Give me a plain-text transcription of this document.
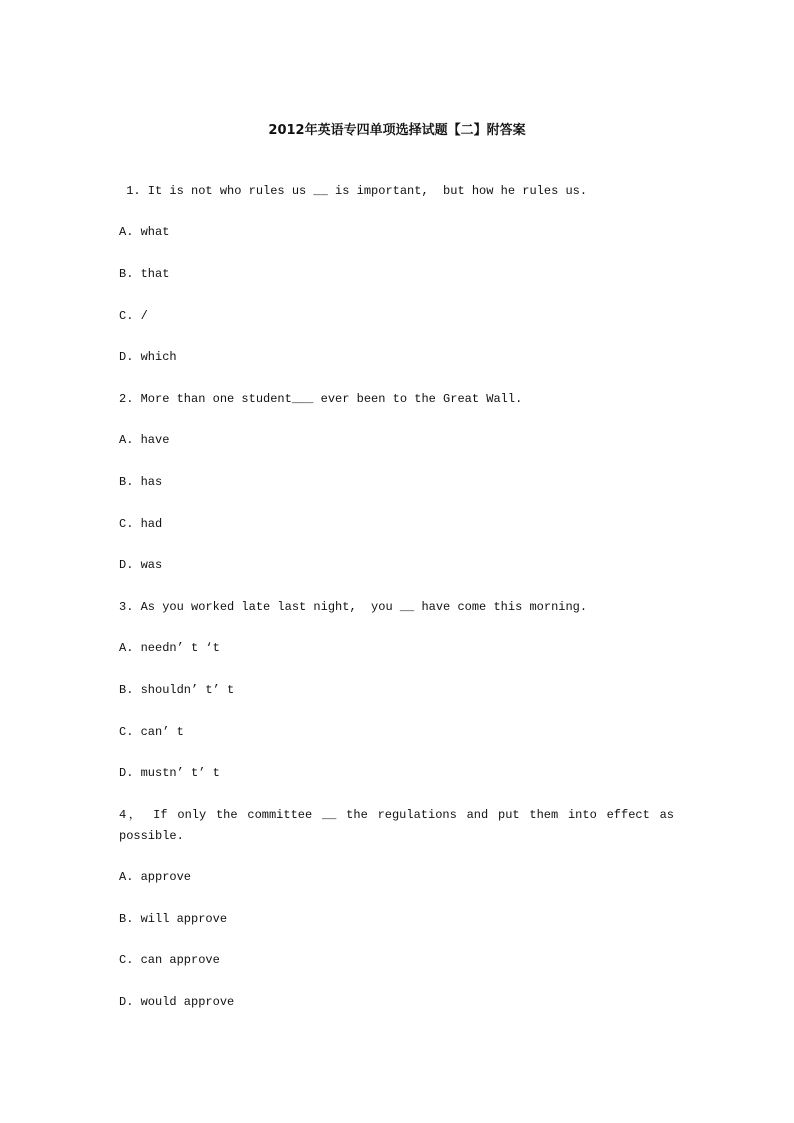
2012年英语专四单项选择试题【二】附答案

1. It is not who rules us __ is important,  but how he rules us.

A. what

B. that

C. /

D. which

2. More than one student___ ever been to the Great Wall.

A. have

B. has

C. had

D. was

3. As you worked late last night,  you __ have come this morning.

A. needn’ t ‘t

B. shouldn’ t’ t

C. can’ t

D. mustn’ t’ t

4， If only the committee __ the regulations and put them into effect as
possible.

A. approve

B. will approve

C. can approve

D. would approve
